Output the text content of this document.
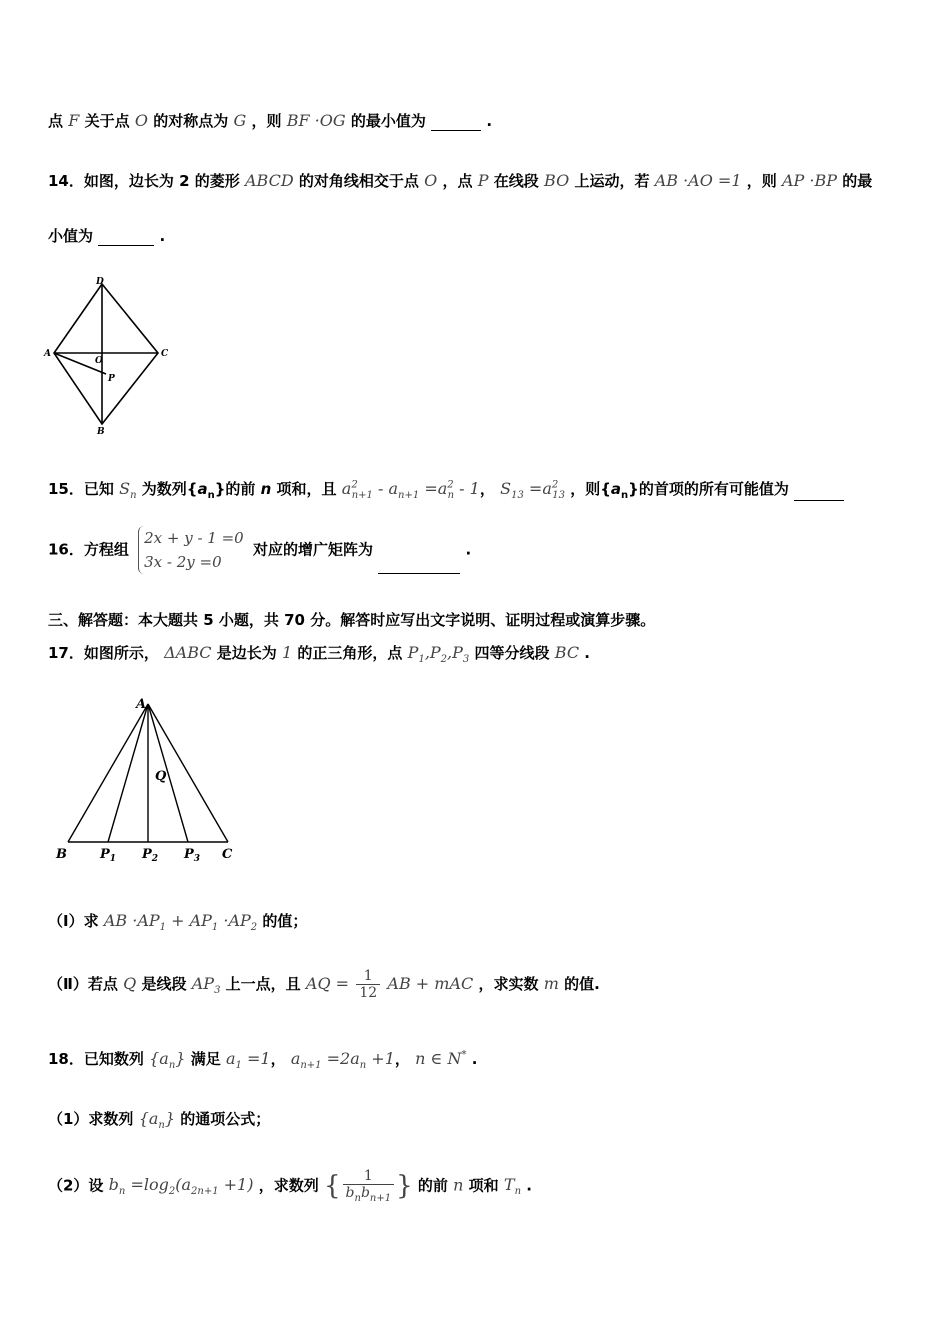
点 F 关于点 O 的对称点为 G ，则 BF ·OG 的最小值为	.
14．如图，边长为 2 的菱形 ABCD 的对角线相交于点 O ，点 P 在线段 BO 上运动，若 AB ·AO =1 ，则 AP ·BP 的最
小值为	.
D
A
O
C
P
B
15．已知 $S_n$ 为数列$\{a_n\}$的前 n 项和，且 $a^2_{n+1} - a_{n+1} =a^2_n - 1$， $S_{13} =a^2_{13}$ ，则$\{a_n\}$的首项的所有可能值为
16．方程组
2x + y - 1 =0
3x - 2y =0
对应的增广矩阵为	.
三、解答题：本大题共 5 小题，共 70 分。解答时应写出文字说明、证明过程或演算步骤。
17．如图所示， ΔABC 是边长为 1 的正三角形，点 $P_1,P_2,P_3$ 四等分线段 BC .
A
Q
B	$P_1$ $P_2$ $P_3$ C
（Ⅰ）求 AB $\cdot AP_1 + AP_1 \cdot AP_2$ 的值；
（Ⅱ）若点 Q 是线段 $AP_3$ 上一点，且 AQ = $\frac{1}{12}$ AB + mAC ，求实数 m 的值.
18．已知数列 $\{a_n\}$ 满足 $a_1 =1$， $a_{n+1} =2a_n +1$， n ∈ N* .
（1）求数列 $\{a_n\}$ 的通项公式；
（2）设 $b_n =\log_2(a_{2n+1} +1)$ ，求数列 { $\frac{1}{b_nb_{n+1}}$ } 的前 n 项和 $T_n$ .
